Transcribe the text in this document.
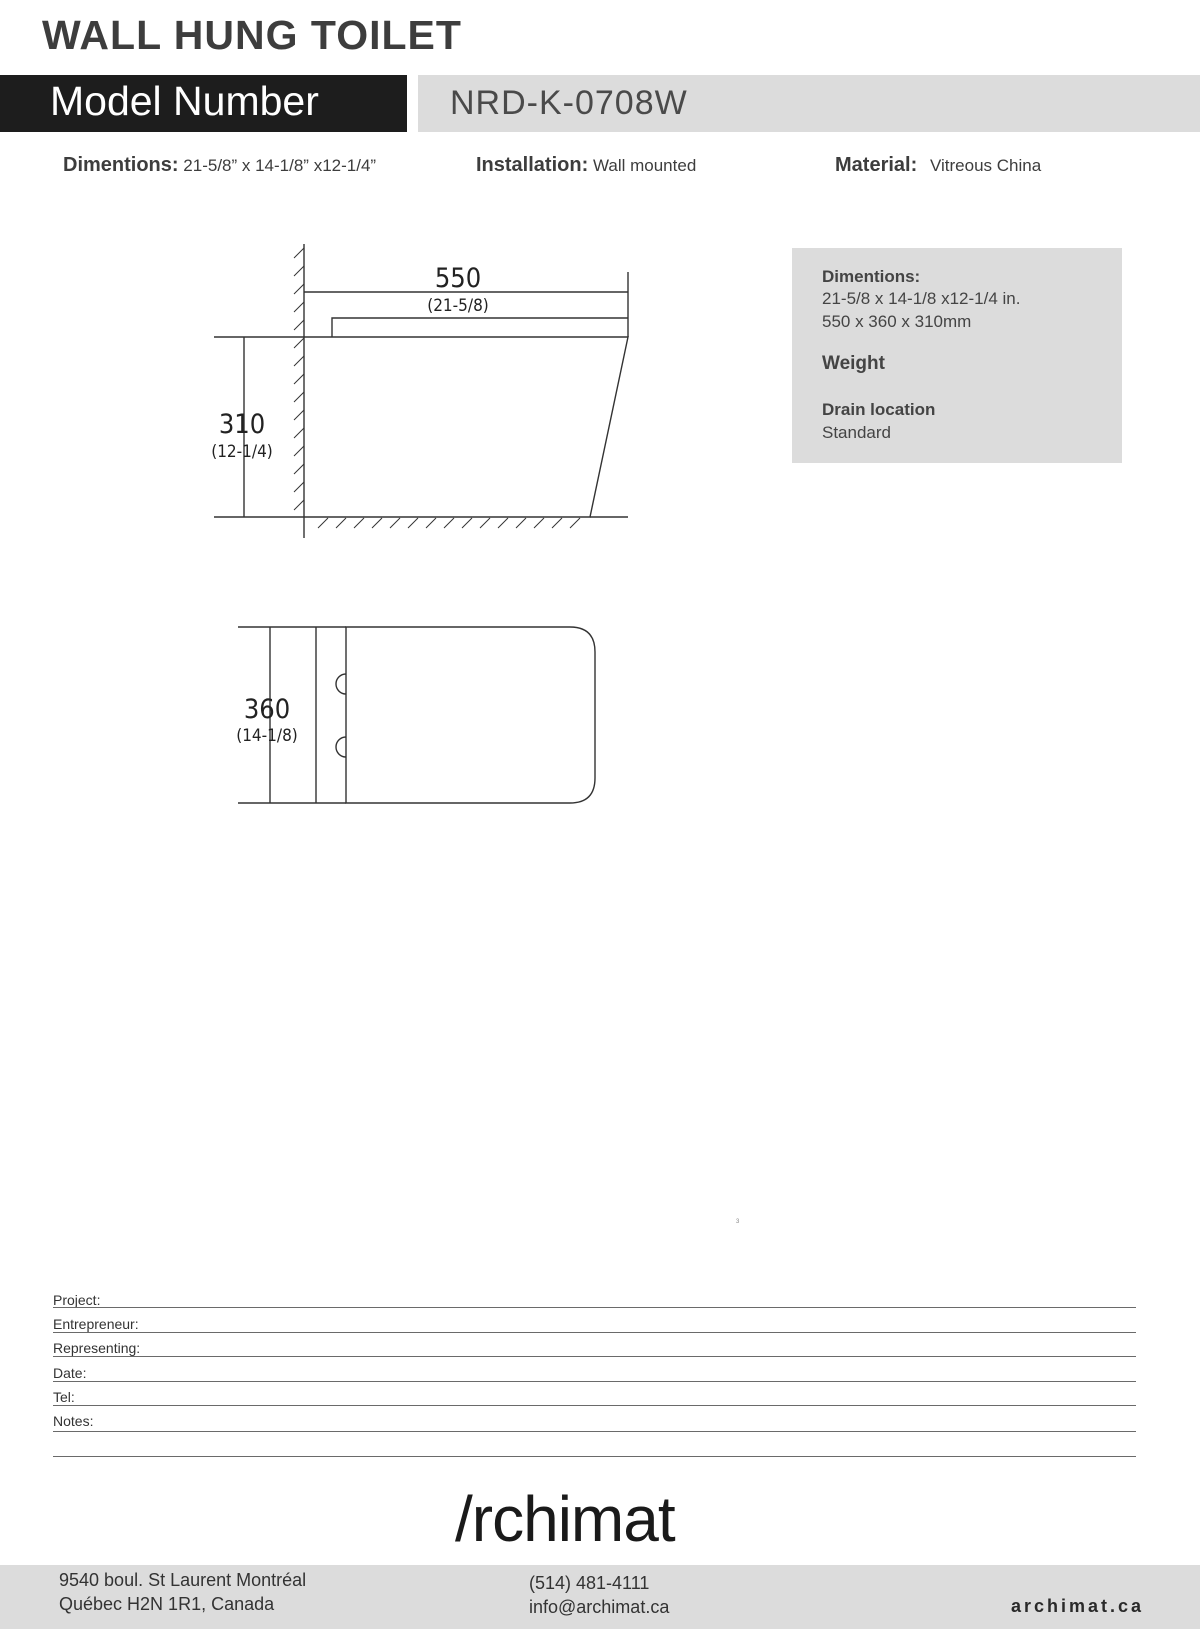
WALL HUNG TOILET
Model Number	NRD-K-0708W
Dimentions: 21-5/8” x 14-1/8” x12-1/4”	Installation: Wall mounted	Material: Vitreous China
Dimentions:
21-5/8 x 14-1/8 x12-1/4 in.
550 x 360 x 310mm
Weight
Drain location
Standard
550
(21-5/8)
310
(12-1/4)
360
(14-1/8)
3
Project:
Entrepreneur:
Representing:
Date:
Tel:
Notes:
/rchimat
9540 boul. St Laurent Montréal
Québec H2N 1R1, Canada
(514) 481-4111
info@archimat.ca	archimat.ca
